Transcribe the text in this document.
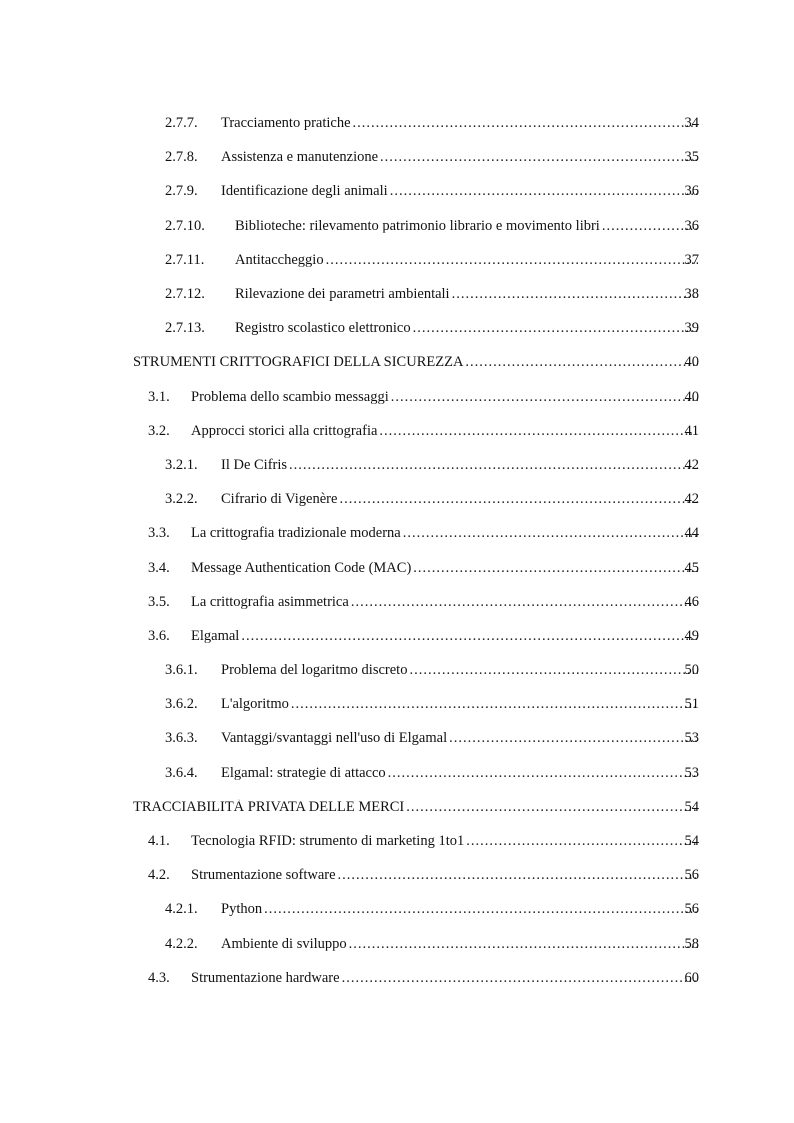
2.7.7. Tracciamento pratiche .....	34
2.7.8. Assistenza e manutenzione .....	35
2.7.9. Identificazione degli animali .....	36
2.7.10. Biblioteche: rilevamento patrimonio librario e movimento libri .....	36
2.7.11. Antitaccheggio .....	37
2.7.12. Rilevazione dei parametri ambientali .....	38
2.7.13. Registro scolastico elettronico .....	39
STRUMENTI CRITTOGRAFICI DELLA SICUREZZA .....	40
3.1. Problema dello scambio messaggi .....	40
3.2. Approcci storici alla crittografia .....	41
3.2.1. Il De Cifris .....	42
3.2.2. Cifrario di Vigenère .....	42
3.3. La crittografia tradizionale moderna .....	44
3.4. Message Authentication Code (MAC) .....	45
3.5. La crittografia asimmetrica .....	46
3.6. Elgamal .....	49
3.6.1. Problema del logaritmo discreto .....	50
3.6.2. L'algoritmo .....	51
3.6.3. Vantaggi/svantaggi nell'uso di Elgamal .....	53
3.6.4. Elgamal: strategie di attacco .....	53
TRACCIABILITÀ PRIVATA DELLE MERCI .....	54
4.1. Tecnologia RFID: strumento di marketing 1to1 .....	54
4.2. Strumentazione software .....	56
4.2.1. Python .....	56
4.2.2. Ambiente di sviluppo .....	58
4.3. Strumentazione hardware .....	60
